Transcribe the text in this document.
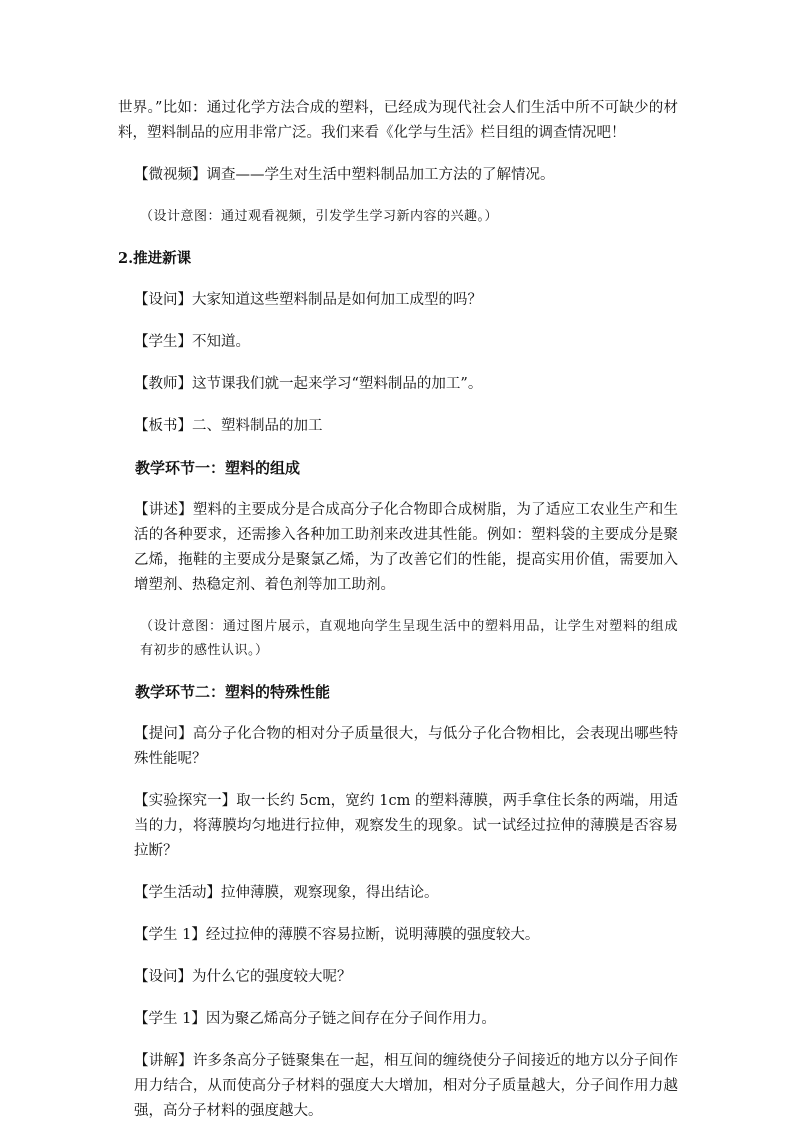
世界。”比如：通过化学方法合成的塑料，已经成为现代社会人们生活中所不可缺少的材料，塑料制品的应用非常广泛。我们来看《化学与生活》栏目组的调查情况吧！

【微视频】调查——学生对生活中塑料制品加工方法的了解情况。

（设计意图：通过观看视频，引发学生学习新内容的兴趣。）

2.推进新课

【设问】大家知道这些塑料制品是如何加工成型的吗？

【学生】不知道。

【教师】这节课我们就一起来学习“塑料制品的加工”。

【板书】二、塑料制品的加工

教学环节一：塑料的组成

【讲述】塑料的主要成分是合成高分子化合物即合成树脂，为了适应工农业生产和生活的各种要求，还需掺入各种加工助剂来改进其性能。例如：塑料袋的主要成分是聚乙烯，拖鞋的主要成分是聚氯乙烯，为了改善它们的性能，提高实用价值，需要加入增塑剂、热稳定剂、着色剂等加工助剂。

（设计意图：通过图片展示，直观地向学生呈现生活中的塑料用品，让学生对塑料的组成有初步的感性认识。）

教学环节二：塑料的特殊性能

【提问】高分子化合物的相对分子质量很大，与低分子化合物相比，会表现出哪些特殊性能呢？

【实验探究一】取一长约 5cm，宽约 1cm 的塑料薄膜，两手拿住长条的两端，用适当的力，将薄膜均匀地进行拉伸，观察发生的现象。试一试经过拉伸的薄膜是否容易拉断？

【学生活动】拉伸薄膜，观察现象，得出结论。

【学生 1】经过拉伸的薄膜不容易拉断，说明薄膜的强度较大。

【设问】为什么它的强度较大呢？

【学生 1】因为聚乙烯高分子链之间存在分子间作用力。

【讲解】许多条高分子链聚集在一起，相互间的缠绕使分子间接近的地方以分子间作用力结合，从而使高分子材料的强度大大增加，相对分子质量越大，分子间作用力越强，高分子材料的强度越大。
